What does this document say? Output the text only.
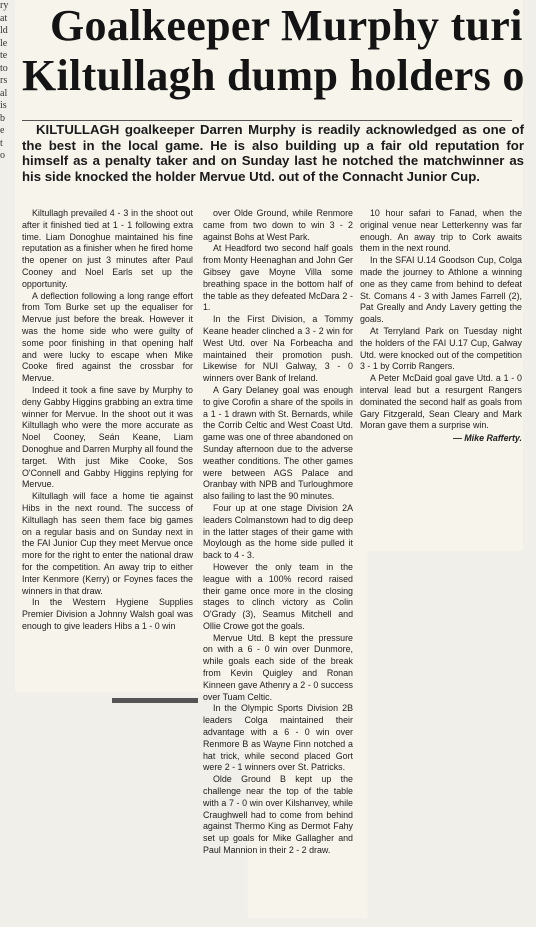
ry
at
ld
le
te
to
rs
al
is
b
e
t
o
Goalkeeper Murphy turi
Kiltullagh dump holders o
KILTULLAGH goalkeeper Darren Murphy is readily acknowledged as one of the best in the local game. He is also building up a fair old reputation for himself as a penalty taker and on Sunday last he notched the matchwinner as his side knocked the holder Mervue Utd. out of the Connacht Junior Cup.

Kiltullagh prevailed 4 - 3 in the shoot out after it finished tied at 1 - 1 following extra time. Liam Donoghue maintained his fine reputation as a finisher when he fired home the opener on just 3 minutes after Paul Cooney and Noel Earls set up the opportunity.

A deflection following a long range effort from Tom Burke set up the equaliser for Mervue just before the break. However it was the home side who were guilty of some poor finishing in that opening half and were lucky to escape when Mike Cooke fired against the crossbar for Mervue.

Indeed it took a fine save by Murphy to deny Gabby Higgins grabbing an extra time winner for Mervue. In the shoot out it was Kiltullagh who were the more accurate as Noel Cooney, Seán Keane, Liam Donoghue and Darren Murphy all found the target. With just Mike Cooke, Sos O'Connell and Gabby Higgins replying for Mervue.

Kiltullagh will face a home tie against Hibs in the next round. The success of Kiltullagh has seen them face big games on a regular basis and on Sunday next in the FAI Junior Cup they meet Mervue once more for the right to enter the national draw for the competition. An away trip to either Inter Kenmore (Kerry) or Foynes faces the winners in that draw.

In the Western Hygiene Supplies Premier Division a Johnny Walsh goal was enough to give leaders Hibs a 1 - 0 win

over Olde Ground, while Renmore came from two down to win 3 - 2 against Bohs at West Park.

At Headford two second half goals from Monty Heenaghan and John Ger Gibsey gave Moyne Villa some breathing space in the bottom half of the table as they defeated McDara 2 - 1.

In the First Division, a Tommy Keane header clinched a 3 - 2 win for West Utd. over Na Forbeacha and maintained their promotion push. Likewise for NUI Galway, 3 - 0 winners over Bank of Ireland.

A Gary Delaney goal was enough to give Corofin a share of the spoils in a 1 - 1 drawn with St. Bernards, while the Corrib Celtic and West Coast Utd. game was one of three abandoned on Sunday afternoon due to the adverse weather conditions. The other games were between AGS Palace and Oranbay with NPB and Turloughmore also failing to last the 90 minutes.

Four up at one stage Division 2A leaders Colmanstown had to dig deep in the latter stages of their game with Moylough as the home side pulled it back to 4 - 3.

However the only team in the league with a 100% record raised their game once more in the closing stages to clinch victory as Colin O'Grady (3), Seamus Mitchell and Ollie Crowe got the goals.

Mervue Utd. B kept the pressure on with a 6 - 0 win over Dunmore, while goals each side of the break from Kevin Quigley and Ronan Kinneen gave Athenry a 2 - 0 success over Tuam Celtic.

In the Olympic Sports Division 2B leaders Colga maintained their advantage with a 6 - 0 win over Renmore B as Wayne Finn notched a hat trick, while second placed Gort were 2 - 1 winners over St. Patricks.

Olde Ground B kept up the challenge near the top of the table with a 7 - 0 win over Kilshanvey, while Craughwell had to come from behind against Thermo King as Dermot Fahy set up goals for Mike Gallagher and Paul Mannion in their 2 - 2 draw.

10 hour safari to Fanad, when the original venue near Letterkenny was far enough. An away trip to Cork awaits them in the next round.

In the SFAI U.14 Goodson Cup, Colga made the journey to Athlone a winning one as they came from behind to defeat St. Comans 4 - 3 with James Farrell (2), Pat Greally and Andy Lavery getting the goals.

At Terryland Park on Tuesday night the holders of the FAI U.17 Cup, Galway Utd. were knocked out of the competition 3 - 1 by Corrib Rangers.

A Peter McDaid goal gave Utd. a 1 - 0 interval lead but a resurgent Rangers dominated the second half as goals from Gary Fitzgerald, Sean Cleary and Mark Moran gave them a surprise win.

— Mike Rafferty.
